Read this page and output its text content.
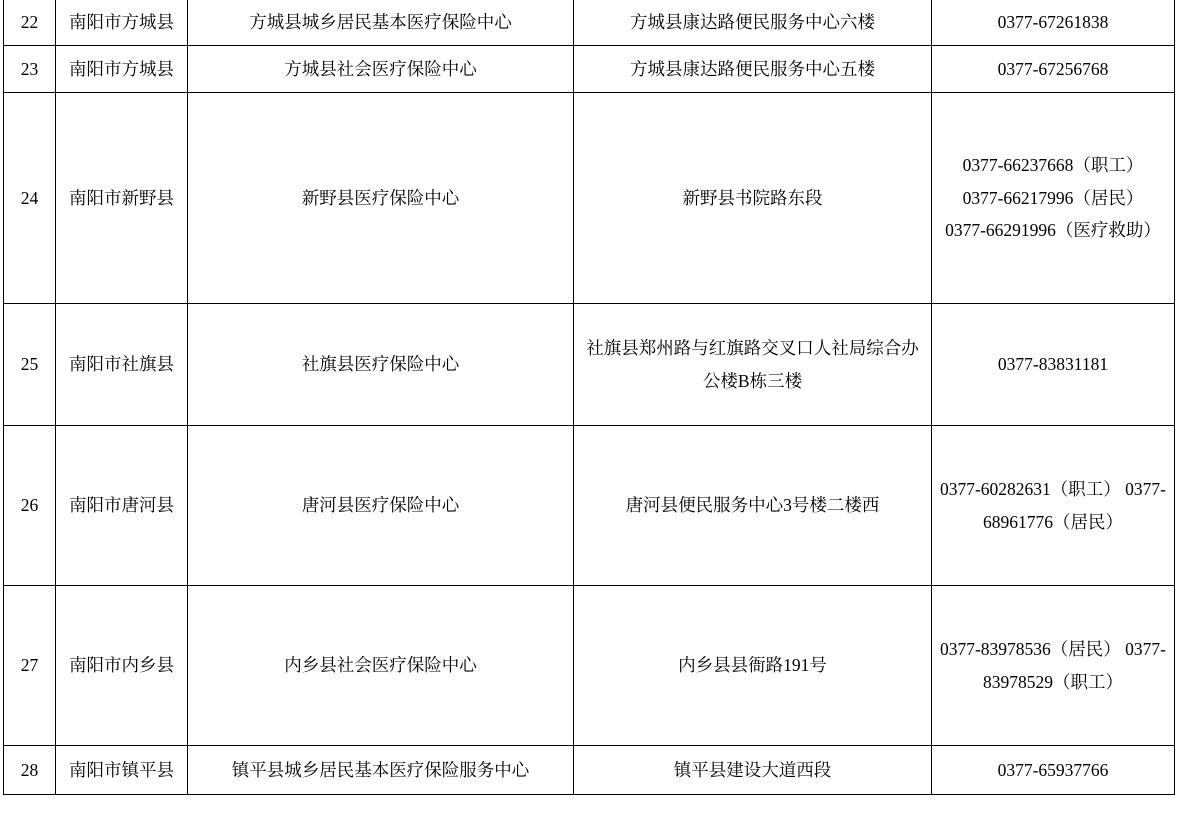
22	南阳市方城县	方城县城乡居民基本医疗保险中心	方城县康达路便民服务中心六楼	0377-67261838
23	南阳市方城县	方城县社会医疗保险中心	方城县康达路便民服务中心五楼	0377-67256768
24	南阳市新野县	新野县医疗保险中心	新野县书院路东段	0377-66237668（职工）
0377-66217996（居民）
0377-66291996（医疗救助）

25	南阳市社旗县	社旗县医疗保险中心	社旗县郑州路与红旗路交叉口人社局综合办公楼B栋三楼	0377-83831181
26	南阳市唐河县	唐河县医疗保险中心	唐河县便民服务中心3号楼二楼西	0377-60282631（职工） 0377-68961776（居民）
27	南阳市内乡县	内乡县社会医疗保险中心	内乡县县衙路191号	0377-83978536（居民） 0377-83978529（职工）
28	南阳市镇平县	镇平县城乡居民基本医疗保险服务中心	镇平县建设大道西段	0377-65937766
